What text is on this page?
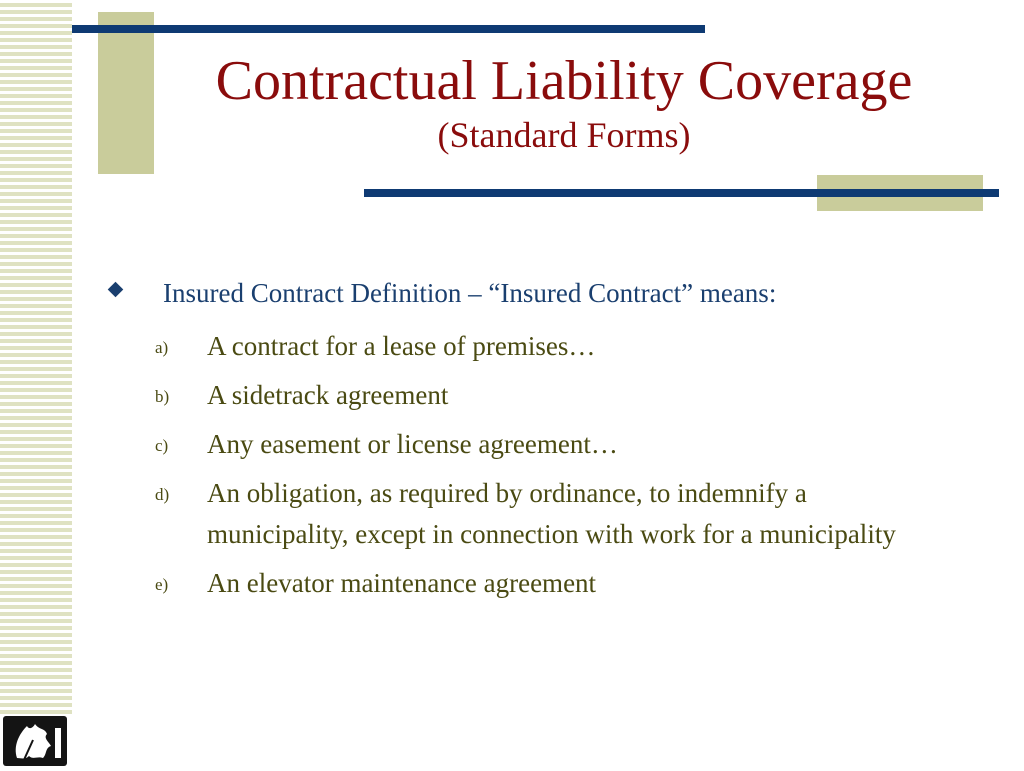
Contractual Liability Coverage
(Standard Forms)
Insured Contract Definition – “Insured Contract” means:
a) A contract for a lease of premises…
b) A sidetrack agreement
c) Any easement or license agreement…
d) An obligation, as required by ordinance, to indemnify a municipality, except in connection with work for a municipality
e) An elevator maintenance agreement
